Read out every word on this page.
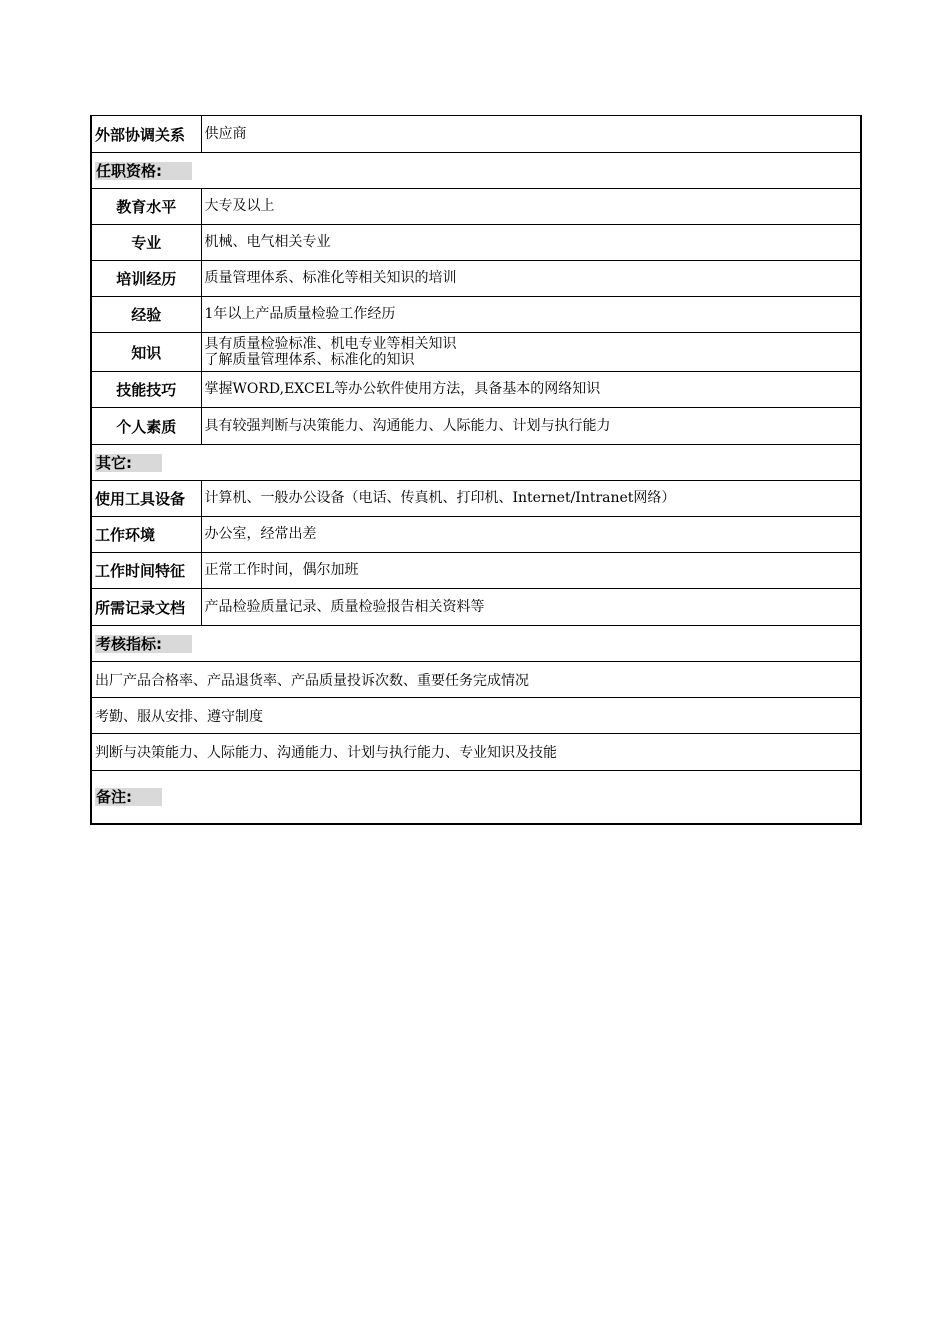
外部协调关系	供应商
任职资格:	
教育水平	大专及以上
专业	机械、电气相关专业
培训经历	质量管理体系、标准化等相关知识的培训
经验	1年以上产品质量检验工作经历
知识	具有质量检验标准、机电专业等相关知识
了解质量管理体系、标准化的知识

技能技巧	掌握WORD,EXCEL等办公软件使用方法，具备基本的网络知识
个人素质	具有较强判断与决策能力、沟通能力、人际能力、计划与执行能力
其它:	
使用工具设备	计算机、一般办公设备（电话、传真机、打印机、Internet/Intranet网络）
工作环境	办公室，经常出差
工作时间特征	正常工作时间，偶尔加班
所需记录文档	产品检验质量记录、质量检验报告相关资料等
考核指标:	
出厂产品合格率、产品退货率、产品质量投诉次数、重要任务完成情况	
考勤、服从安排、遵守制度	
判断与决策能力、人际能力、沟通能力、计划与执行能力、专业知识及技能	
备注:	
